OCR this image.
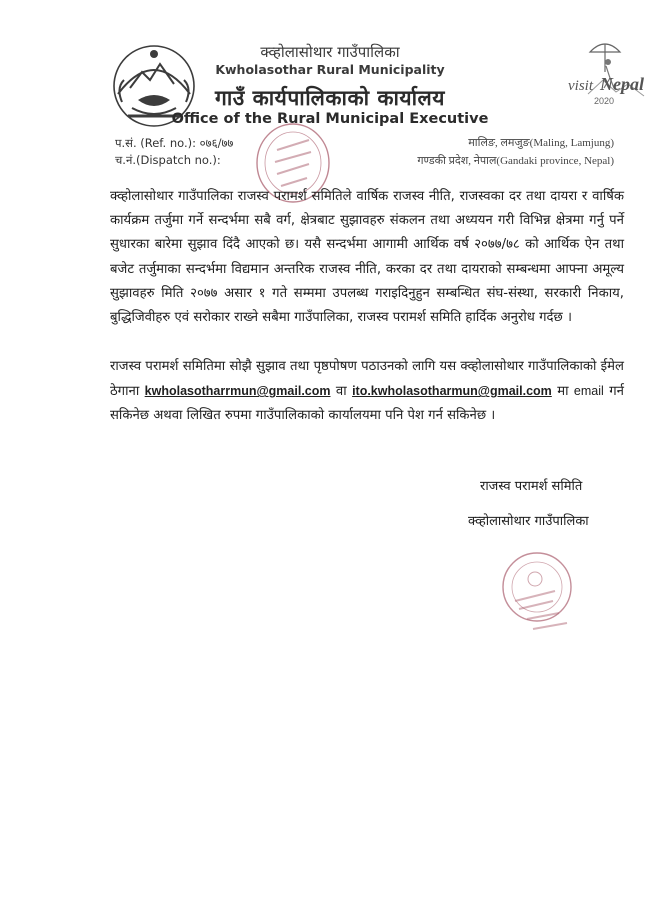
visit Nepal
2020
क्व्होलासोथार गाउँपालिका
Kwholasothar Rural Municipality
गाउँ कार्यपालिकाको कार्यालय
Office of the Rural Municipal Executive
प.सं. (Ref. no.): ०७६/७७
च.नं.(Dispatch no.):
मालिङ, लमजुङ(Maling, Lamjung)
गण्डकी प्रदेश, नेपाल(Gandaki province, Nepal)
क्व्होलासोथार गाउँपालिका राजस्व परामर्श समितिले वार्षिक राजस्व नीति, राजस्वका दर तथा दायरा र वार्षिक कार्यक्रम तर्जुमा गर्ने सन्दर्भमा सबै वर्ग, क्षेत्रबाट सुझावहरु संकलन तथा अध्ययन गरी विभिन्न क्षेत्रमा गर्नु पर्ने सुधारका बारेमा सुझाव दिंदै आएको छ। यसै सन्दर्भमा आगामी आर्थिक वर्ष २०७७/७८ को आर्थिक ऐन तथा बजेट तर्जुमाका सन्दर्भमा विद्यमान अन्तरिक राजस्व नीति, करका दर तथा दायराको सम्बन्धमा आफ्ना अमूल्य सुझावहरु मिति २०७७ असार १ गते सम्ममा उपलब्ध गराइदिनुहुन सम्बन्धित संघ-संस्था, सरकारी निकाय, बुद्धिजिवीहरु एवं सरोकार राख्ने सबैमा गाउँपालिका, राजस्व परामर्श समिति हार्दिक अनुरोध गर्दछ ।
राजस्व परामर्श समितिमा सोझै सुझाव तथा पृष्ठपोषण पठाउनको लागि यस क्व्होलासोथार गाउँपालिकाको ईमेल ठेगाना kwholasotharrmun@gmail.com वा ito.kwholasotharmun@gmail.com मा email गर्न सकिनेछ अथवा लिखित रुपमा गाउँपालिकाको कार्यालयमा पनि पेश गर्न सकिनेछ ।
राजस्व परामर्श समिति
क्व्होलासोथार गाउँपालिका
